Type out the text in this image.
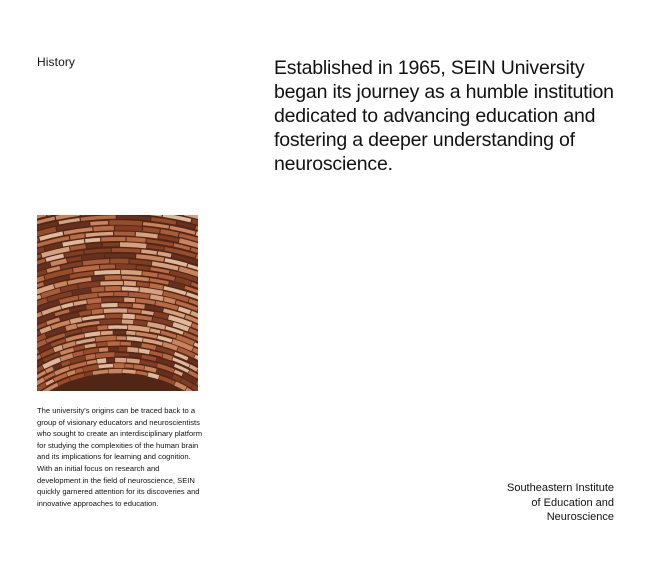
History	Established in 1965, SEIN University began its journey as a humble institution dedicated to advancing education and fostering a deeper understanding of neuroscience.

The university's origins can be traced back to a group of visionary educators and neuroscientists who sought to create an interdisciplinary platform for studying the complexities of the human brain and its implications for learning and cognition. With an initial focus on research and development in the field of neuroscience, SEIN quickly garnered attention for its discoveries and innovative approaches to education.

Southeastern Institute
of Education and
Neuroscience
